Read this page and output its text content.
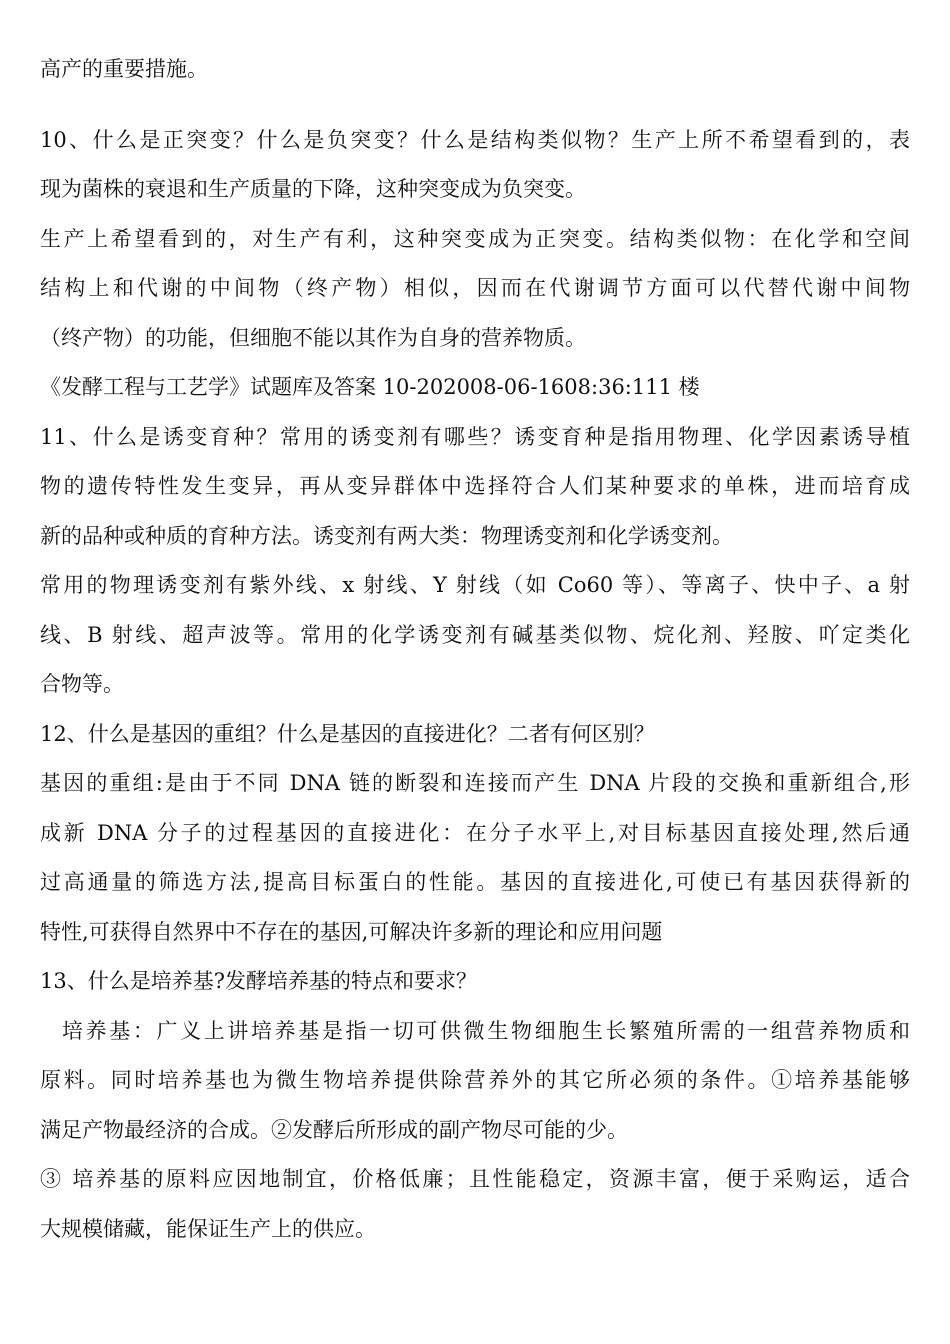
高产的重要措施。
10、什么是正突变？什么是负突变？什么是结构类似物？生产上所不希望看到的，表
现为菌株的衰退和生产质量的下降，这种突变成为负突变。
生产上希望看到的，对生产有利，这种突变成为正突变。结构类似物：在化学和空间
结构上和代谢的中间物（终产物）相似，因而在代谢调节方面可以代替代谢中间物
（终产物）的功能，但细胞不能以其作为自身的营养物质。
《发酵工程与工艺学》试题库及答案 10-202008-06-1608:36:111 楼
11、什么是诱变育种？常用的诱变剂有哪些？诱变育种是指用物理、化学因素诱导植
物的遗传特性发生变异，再从变异群体中选择符合人们某种要求的单株，进而培育成
新的品种或种质的育种方法。诱变剂有两大类：物理诱变剂和化学诱变剂。
常用的物理诱变剂有紫外线、x 射线、Y 射线（如 Co60 等）、等离子、快中子、a 射
线、B 射线、超声波等。常用的化学诱变剂有碱基类似物、烷化剂、羟胺、吖定类化
合物等。
12、什么是基因的重组？什么是基因的直接进化？二者有何区别？
基因的重组:是由于不同 DNA 链的断裂和连接而产生 DNA 片段的交换和重新组合,形
成新 DNA 分子的过程基因的直接进化：在分子水平上,对目标基因直接处理,然后通
过高通量的筛选方法,提高目标蛋白的性能。基因的直接进化,可使已有基因获得新的
特性,可获得自然界中不存在的基因,可解决许多新的理论和应用问题
13、什么是培养基?发酵培养基的特点和要求？
培养基：广义上讲培养基是指一切可供微生物细胞生长繁殖所需的一组营养物质和
原料。同时培养基也为微生物培养提供除营养外的其它所必须的条件。①培养基能够
满足产物最经济的合成。②发酵后所形成的副产物尽可能的少。
③ 培养基的原料应因地制宜，价格低廉；且性能稳定，资源丰富，便于采购运，适合
大规模储藏，能保证生产上的供应。
